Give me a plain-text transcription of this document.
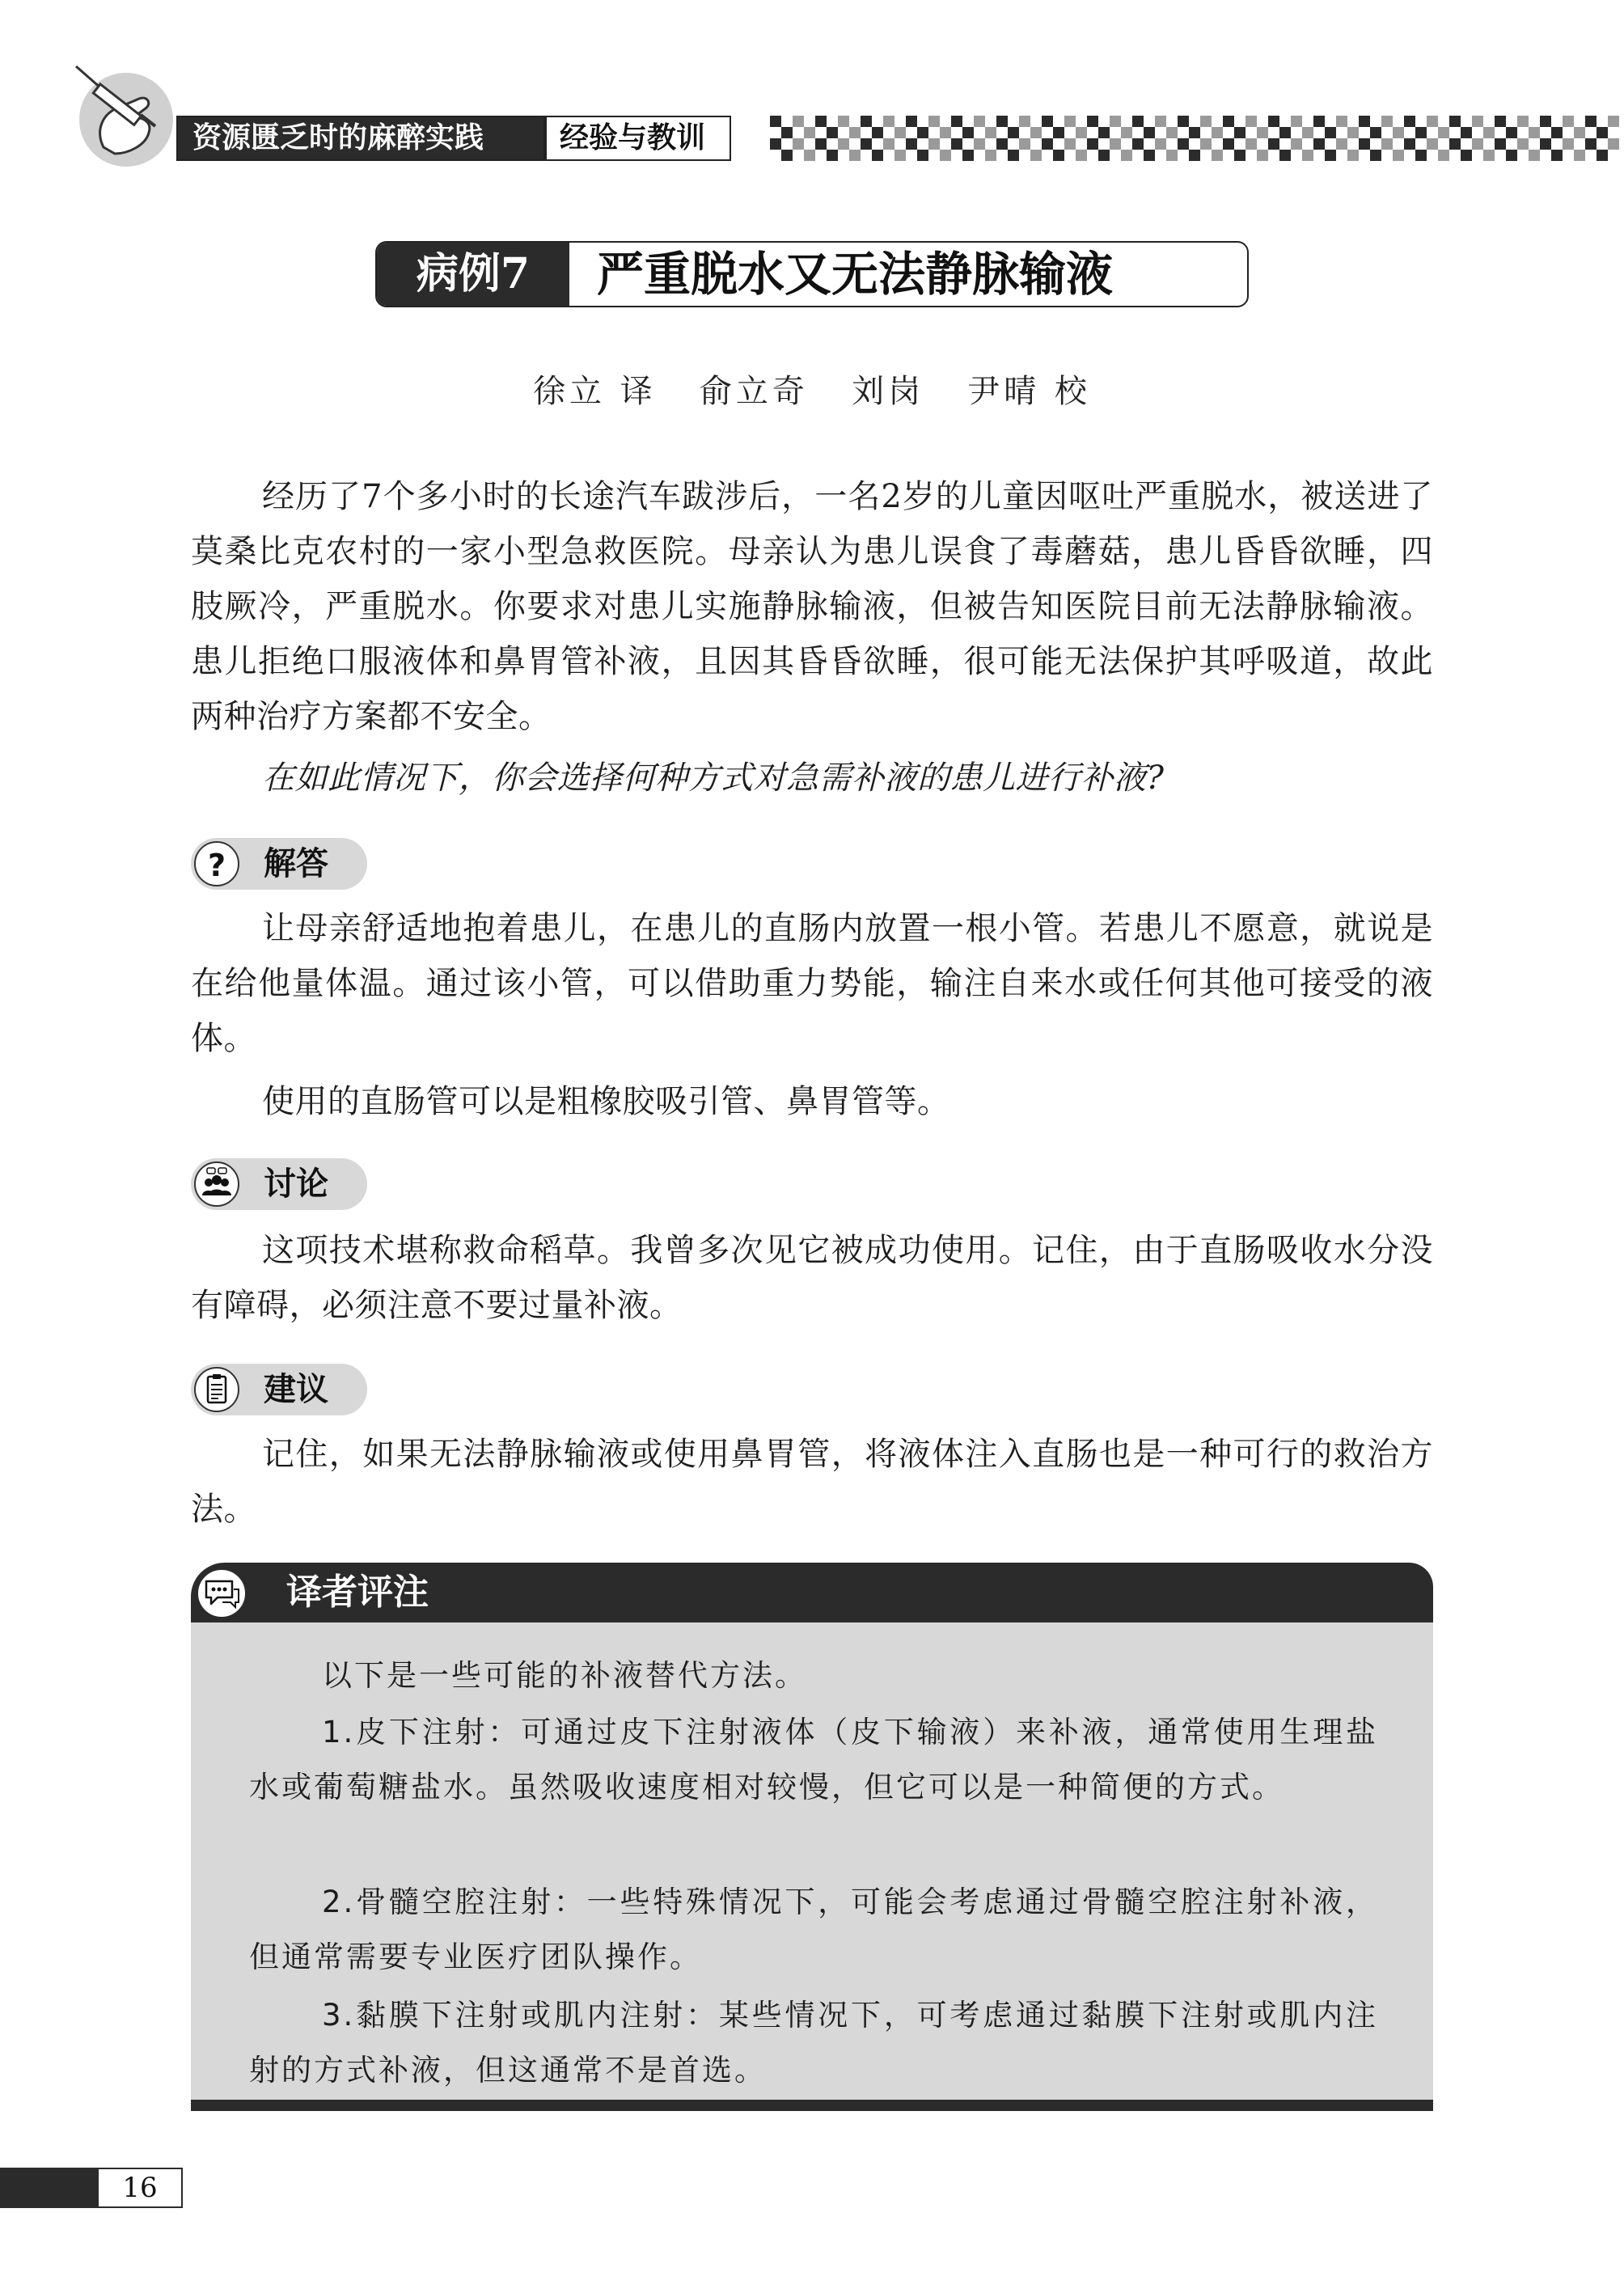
资源匮乏时的麻醉实践	经验与教训
病例7	严重脱水又无法静脉输液
徐立 译   俞立奇   刘岗   尹晴 校
经历了7个多小时的长途汽车跋涉后，一名2岁的儿童因呕吐严重脱水，被送进了莫桑比克农村的一家小型急救医院。母亲认为患儿误食了毒蘑菇，患儿昏昏欲睡，四肢厥冷，严重脱水。你要求对患儿实施静脉输液，但被告知医院目前无法静脉输液。患儿拒绝口服液体和鼻胃管补液，且因其昏昏欲睡，很可能无法保护其呼吸道，故此两种治疗方案都不安全。
在如此情况下，你会选择何种方式对急需补液的患儿进行补液?
? 解答
让母亲舒适地抱着患儿，在患儿的直肠内放置一根小管。若患儿不愿意，就说是在给他量体温。通过该小管，可以借助重力势能，输注自来水或任何其他可接受的液体。
使用的直肠管可以是粗橡胶吸引管、鼻胃管等。
讨论
这项技术堪称救命稻草。我曾多次见它被成功使用。记住，由于直肠吸收水分没有障碍，必须注意不要过量补液。
建议
记住，如果无法静脉输液或使用鼻胃管，将液体注入直肠也是一种可行的救治方法。
译者评注
以下是一些可能的补液替代方法。
1.皮下注射：可通过皮下注射液体（皮下输液）来补液，通常使用生理盐水或葡萄糖盐水。虽然吸收速度相对较慢，但它可以是一种简便的方式。
2.骨髓空腔注射：一些特殊情况下，可能会考虑通过骨髓空腔注射补液，但通常需要专业医疗团队操作。
3.黏膜下注射或肌内注射：某些情况下，可考虑通过黏膜下注射或肌内注射的方式补液，但这通常不是首选。
16
